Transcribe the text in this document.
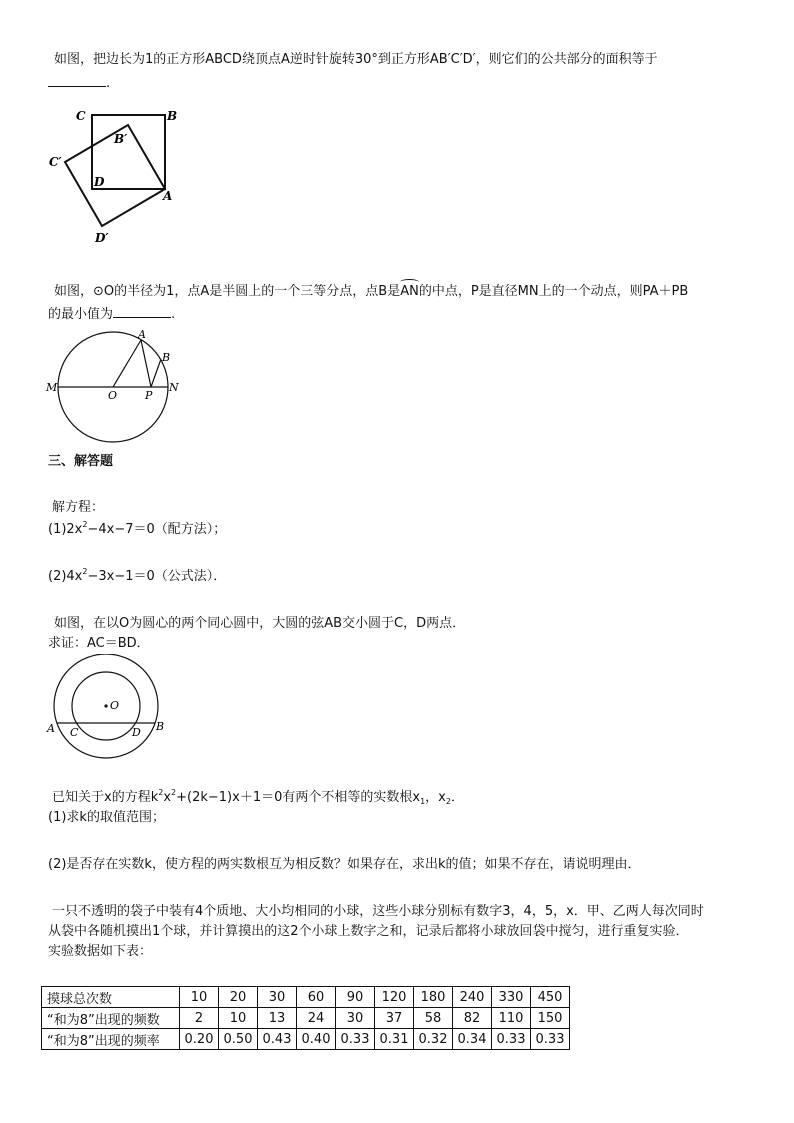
如图，把边长为1的正方形ABCD绕顶点A逆时针旋转30°到正方形AB′C′D′，则它们的公共部分的面积等于
.
C	B
B′
C′
D
A
D′
如图，⊙O的半径为1，点A是半圆上的一个三等分点，点B是AN的中点，P是直径MN上的一个动点，则PA＋PB
的最小值为	.
A
B
M	N
O	P
三、解答题
解方程：
$(1)2x^2-4x-7=0$（配方法）；
$(2)4x^2-3x-1=0$（公式法）．
如图，在以O为圆心的两个同心圆中，大圆的弦AB交小圆于C，D两点．
求证：AC＝BD．
O
A	B
C	D
已知关于x的方程$k^2x^2+(2k-1)x+1=0$有两个不相等的实数根$x_1$，$x_2$．
(1)求k的取值范围；
(2)是否存在实数k，使方程的两实数根互为相反数？如果存在，求出k的值；如果不存在，请说明理由．
一只不透明的袋子中装有4个质地、大小均相同的小球，这些小球分别标有数字3，4，5，x．甲、乙两人每次同时
从袋中各随机摸出1个球，并计算摸出的这2个小球上数字之和，记录后都将小球放回袋中搅匀，进行重复实验．
实验数据如下表：
摸球总次数	10	20	30	60	90	120	180	240	330	450
“和为8”出现的频数	2	10	13	24	30	37	58	82	110	150
“和为8”出现的频率	0.20	0.50	0.43	0.40	0.33	0.31	0.32	0.34	0.33	0.33
